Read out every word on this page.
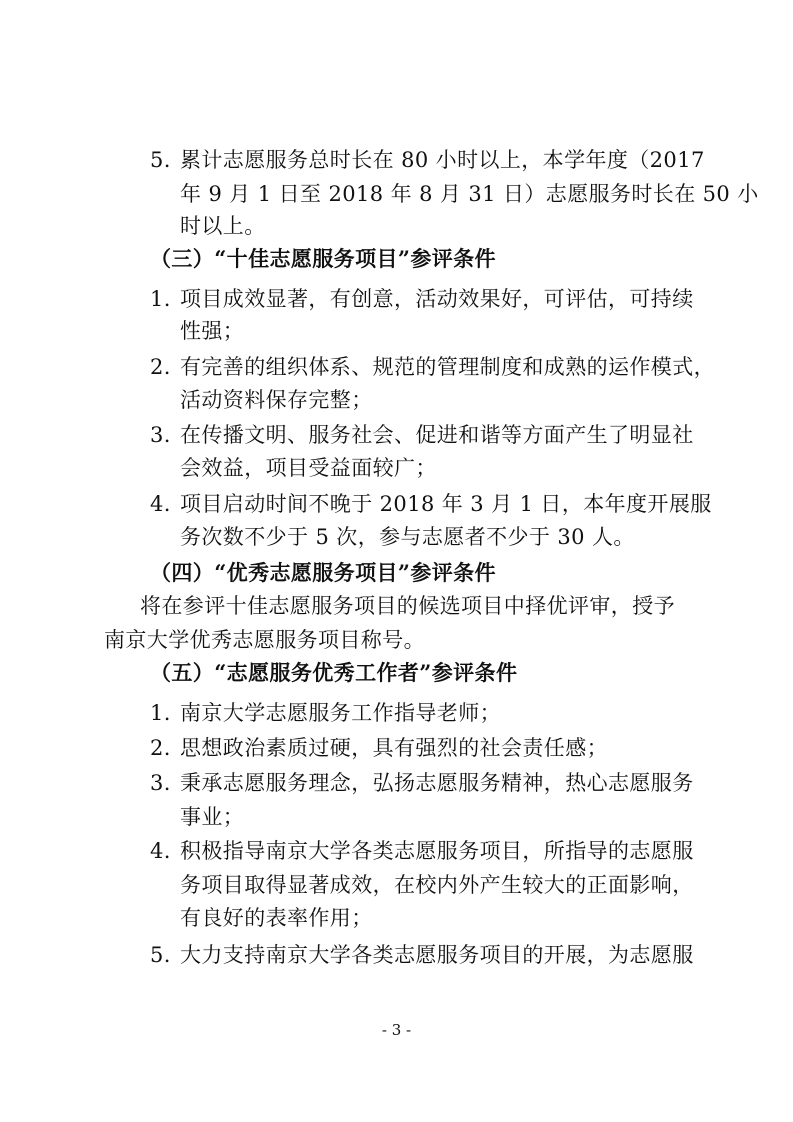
5. 累计志愿服务总时长在 80 小时以上，本学年度（2017
年 9 月 1 日至 2018 年 8 月 31 日）志愿服务时长在 50 小
时以上。
（三）“十佳志愿服务项目”参评条件
1. 项目成效显著，有创意，活动效果好，可评估，可持续
性强；
2. 有完善的组织体系、规范的管理制度和成熟的运作模式，
活动资料保存完整；
3. 在传播文明、服务社会、促进和谐等方面产生了明显社
会效益，项目受益面较广；
4. 项目启动时间不晚于 2018 年 3 月 1 日，本年度开展服
务次数不少于 5 次，参与志愿者不少于 30 人。
（四）“优秀志愿服务项目”参评条件
将在参评十佳志愿服务项目的候选项目中择优评审，授予
南京大学优秀志愿服务项目称号。
（五）“志愿服务优秀工作者”参评条件
1. 南京大学志愿服务工作指导老师；
2. 思想政治素质过硬，具有强烈的社会责任感；
3. 秉承志愿服务理念，弘扬志愿服务精神，热心志愿服务
事业；
4. 积极指导南京大学各类志愿服务项目，所指导的志愿服
务项目取得显著成效，在校内外产生较大的正面影响，
有良好的表率作用；
5. 大力支持南京大学各类志愿服务项目的开展，为志愿服
- 3 -
